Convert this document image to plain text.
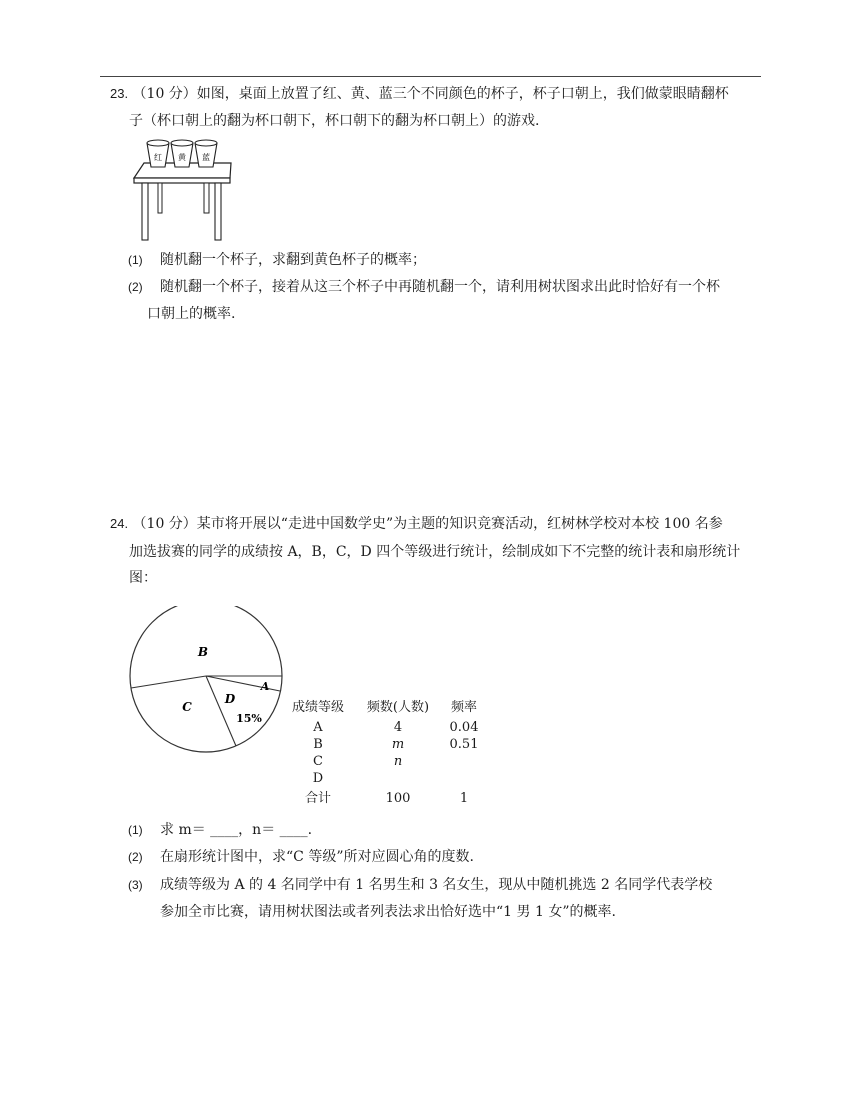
23. （10 分）如图，桌面上放置了红、黄、蓝三个不同颜色的杯子，杯子口朝上，我们做蒙眼睛翻杯
子（杯口朝上的翻为杯口朝下，杯口朝下的翻为杯口朝上）的游戏.
红 黄 蓝
(1) 随机翻一个杯子，求翻到黄色杯子的概率；
(2) 随机翻一个杯子，接着从这三个杯子中再随机翻一个，请利用树状图求出此时恰好有一个杯
口朝上的概率.
24. （10 分）某市将开展以“走进中国数学史”为主题的知识竞赛活动，红树林学校对本校 100 名参
加选拔赛的同学的成绩按 A，B，C，D 四个等级进行统计，绘制成如下不完整的统计表和扇形统计
图：
B
C
D
A
15%
成绩等级	频数(人数)	频率
A	4	0.04
B	m	0.51
C	n
D
合计	100	1
(1) 求 m＝ ____，n＝ ____.
(2) 在扇形统计图中，求“C 等级”所对应圆心角的度数.
(3) 成绩等级为 A 的 4 名同学中有 1 名男生和 3 名女生，现从中随机挑选 2 名同学代表学校
参加全市比赛，请用树状图法或者列表法求出恰好选中“1 男 1 女”的概率.
